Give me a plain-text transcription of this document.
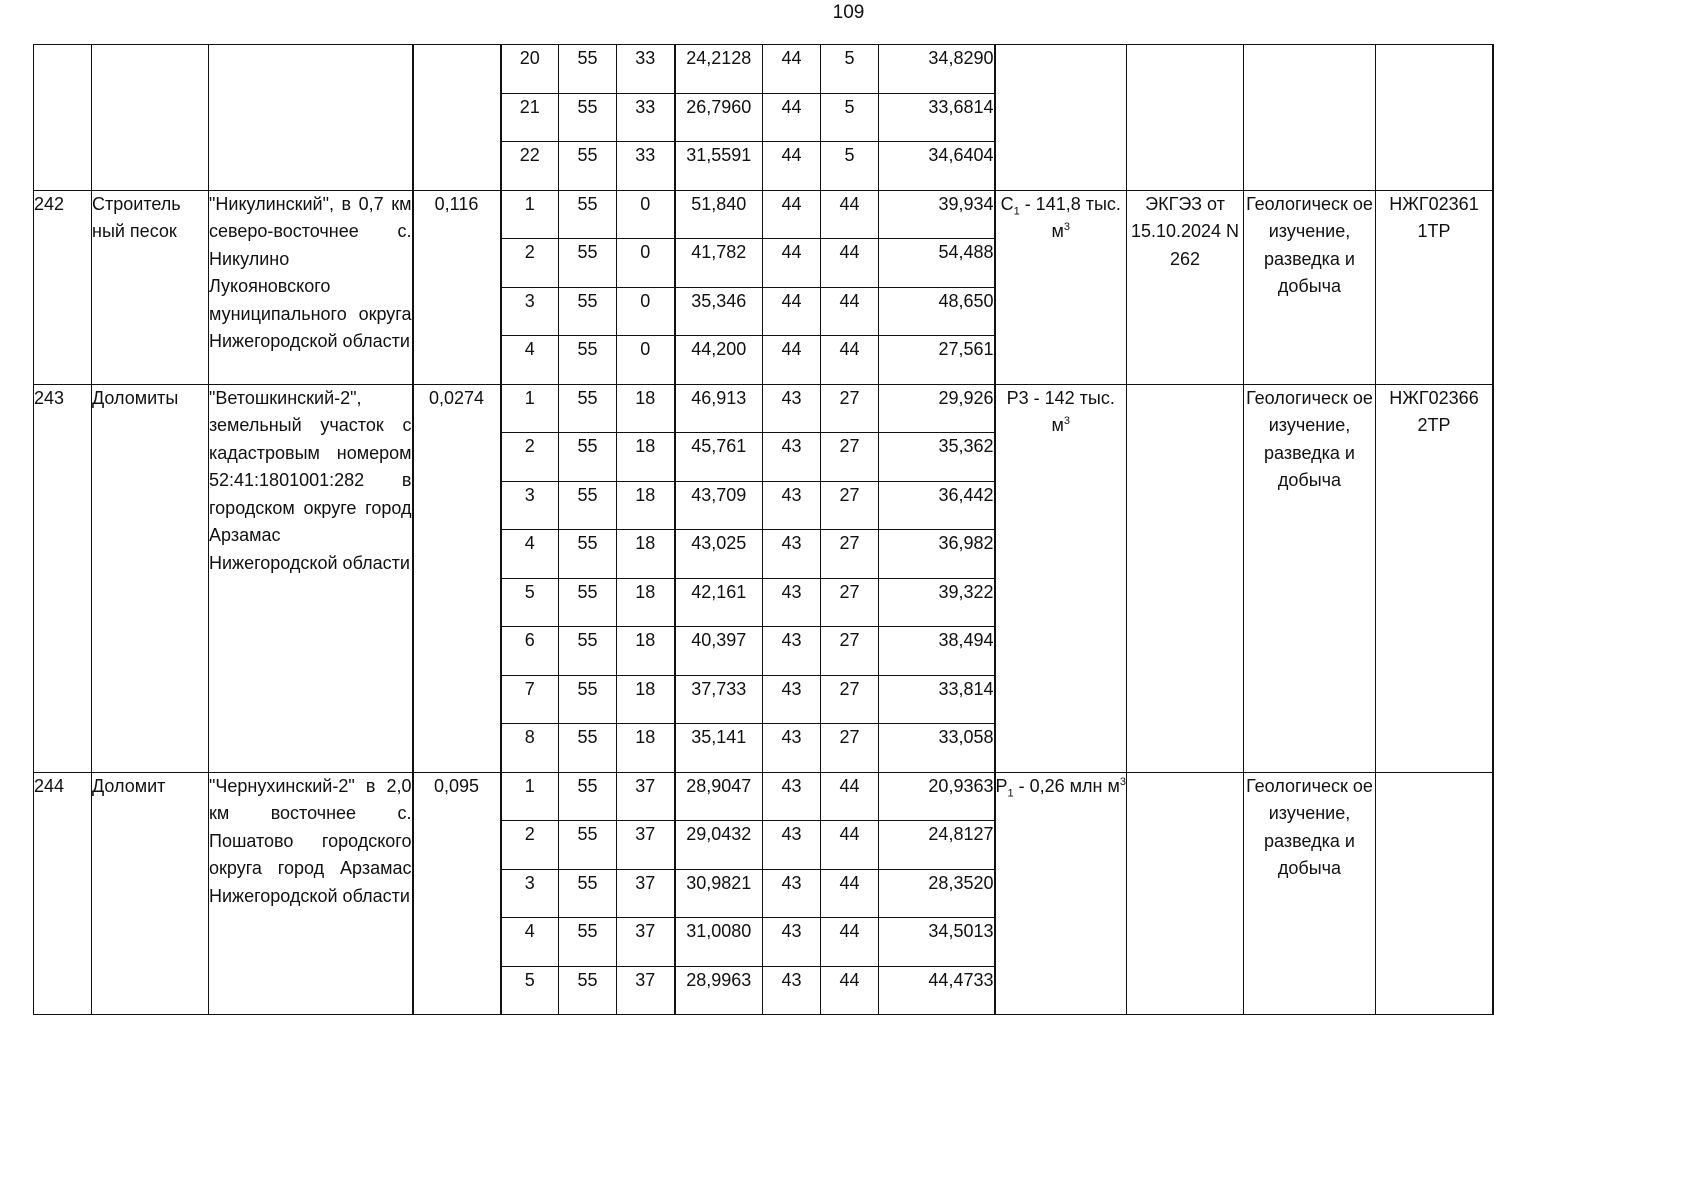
109
				20	55	33	24,2128	44	5	34,8290					
				21	55	33	26,7960	44	5	33,6814					
				22	55	33	31,5591	44	5	34,6404					
242	Строитель ный песок	"Никулинский", в 0,7 км северо-восточнее с. Никулино Лукояновского муниципального округа Нижегородской области	0,116	1	55	0	51,840	44	44	39,934	$C_1 - 141,8$ тыс. $м^3$	ЭКГЭЗ от 15.10.2024 N 262	Геологическ ое изучение, разведка и добыча	НЖГ02361 1ТР	
				2	55	0	41,782	44	44	54,488					
				3	55	0	35,346	44	44	48,650					
				4	55	0	44,200	44	44	27,561					
243	Доломиты	"Ветошкинский-2", земельный участок с кадастровым номером 52:41:1801001:282 в городском округе город Арзамас Нижегородской области	0,0274	1	55	18	46,913	43	27	29,926	P3 - 142 тыс. $м^3$		Геологическ ое изучение, разведка и добыча	НЖГ02366 2ТР	
				2	55	18	45,761	43	27	35,362					
				3	55	18	43,709	43	27	36,442					
				4	55	18	43,025	43	27	36,982					
				5	55	18	42,161	43	27	39,322					
				6	55	18	40,397	43	27	38,494					
				7	55	18	37,733	43	27	33,814					
				8	55	18	35,141	43	27	33,058					
244	Доломит	"Чернухинский-2" в 2,0 км восточнее с. Пошатово городского округа город Арзамас Нижегородской области	0,095	1	55	37	28,9047	43	44	20,9363	$P_1 - 0,26$ млн $м^3$		Геологическ ое изучение, разведка и добыча		
				2	55	37	29,0432	43	44	24,8127					
				3	55	37	30,9821	43	44	28,3520					
				4	55	37	31,0080	43	44	34,5013					
				5	55	37	28,9963	43	44	44,4733					
